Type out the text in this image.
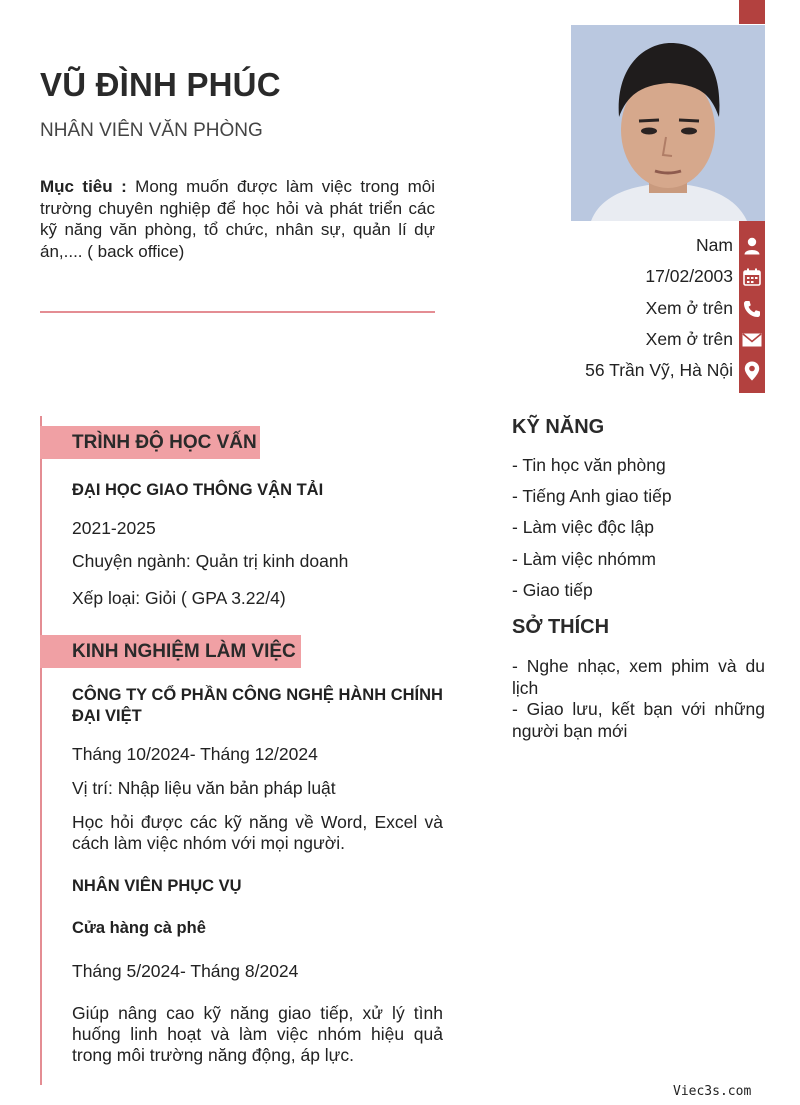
VŨ ĐÌNH PHÚC
NHÂN VIÊN VĂN PHÒNG
Mục tiêu : Mong muốn được làm việc trong môi trường chuyên nghiệp để học hỏi và phát triển các kỹ năng văn phòng, tổ chức, nhân sự, quản lí dự án,.... ( back office)	Nam
17/02/2003
Xem ở trên
Xem ở trên
56 Trần Vỹ, Hà Nội
TRÌNH ĐỘ HỌC VẤN
ĐẠI HỌC GIAO THÔNG VẬN TẢI
2021-2025
Chuyện ngành: Quản trị kinh doanh
Xếp loại: Giỏi ( GPA 3.22/4)
KINH NGHIỆM LÀM VIỆC
CÔNG TY CỔ PHẦN CÔNG NGHỆ HÀNH CHÍNH ĐẠI VIỆT
Tháng 10/2024- Tháng 12/2024
Vị trí: Nhập liệu văn bản pháp luật
Học hỏi được các kỹ năng về Word, Excel và cách làm việc nhóm với mọi người.
NHÂN VIÊN PHỤC VỤ
Cửa hàng cà phê
Tháng 5/2024- Tháng 8/2024
Giúp nâng cao kỹ năng giao tiếp, xử lý tình huống linh hoạt và làm việc nhóm hiệu quả trong môi trường năng động, áp lực.
KỸ NĂNG
- Tin học văn phòng
- Tiếng Anh giao tiếp
- Làm việc độc lập
- Làm việc nhómm
- Giao tiếp
SỞ THÍCH
- Nghe nhạc, xem phim và du lịch
- Giao lưu, kết bạn với những người bạn mới
Viec3s.com
